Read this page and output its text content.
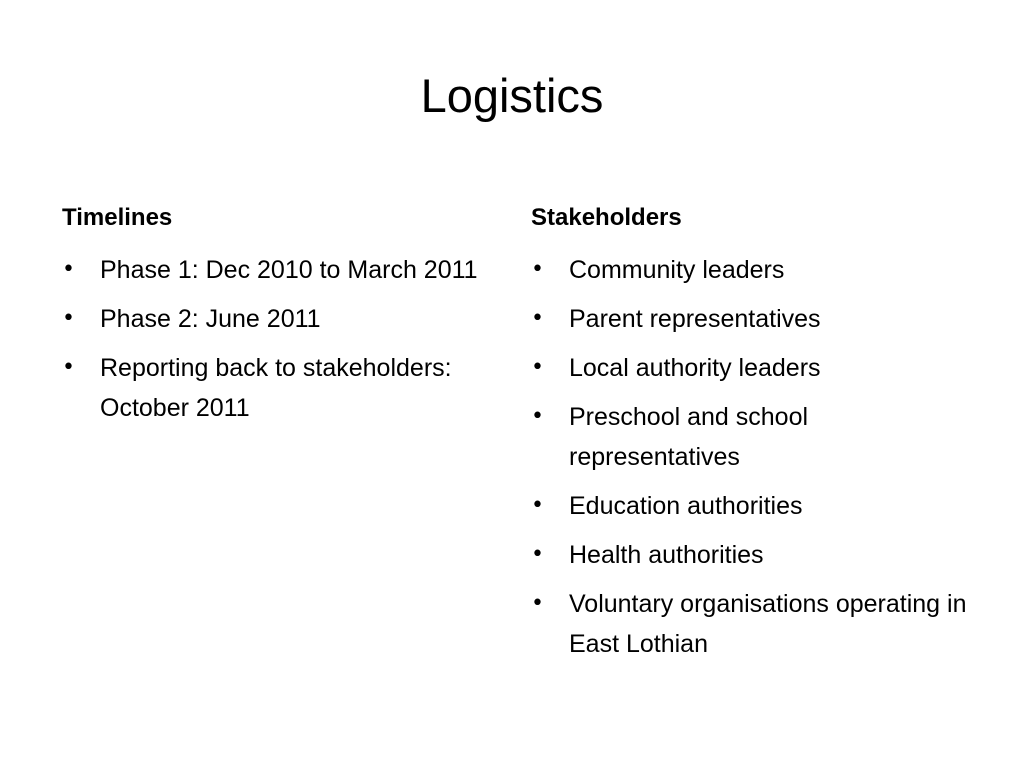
Logistics
Timelines
• Phase 1: Dec 2010 to March 2011
• Phase 2: June 2011
• Reporting back to stakeholders: October 2011
Stakeholders
• Community leaders
• Parent representatives
• Local authority leaders
• Preschool and school representatives
• Education authorities
• Health authorities
• Voluntary organisations operating in East Lothian
